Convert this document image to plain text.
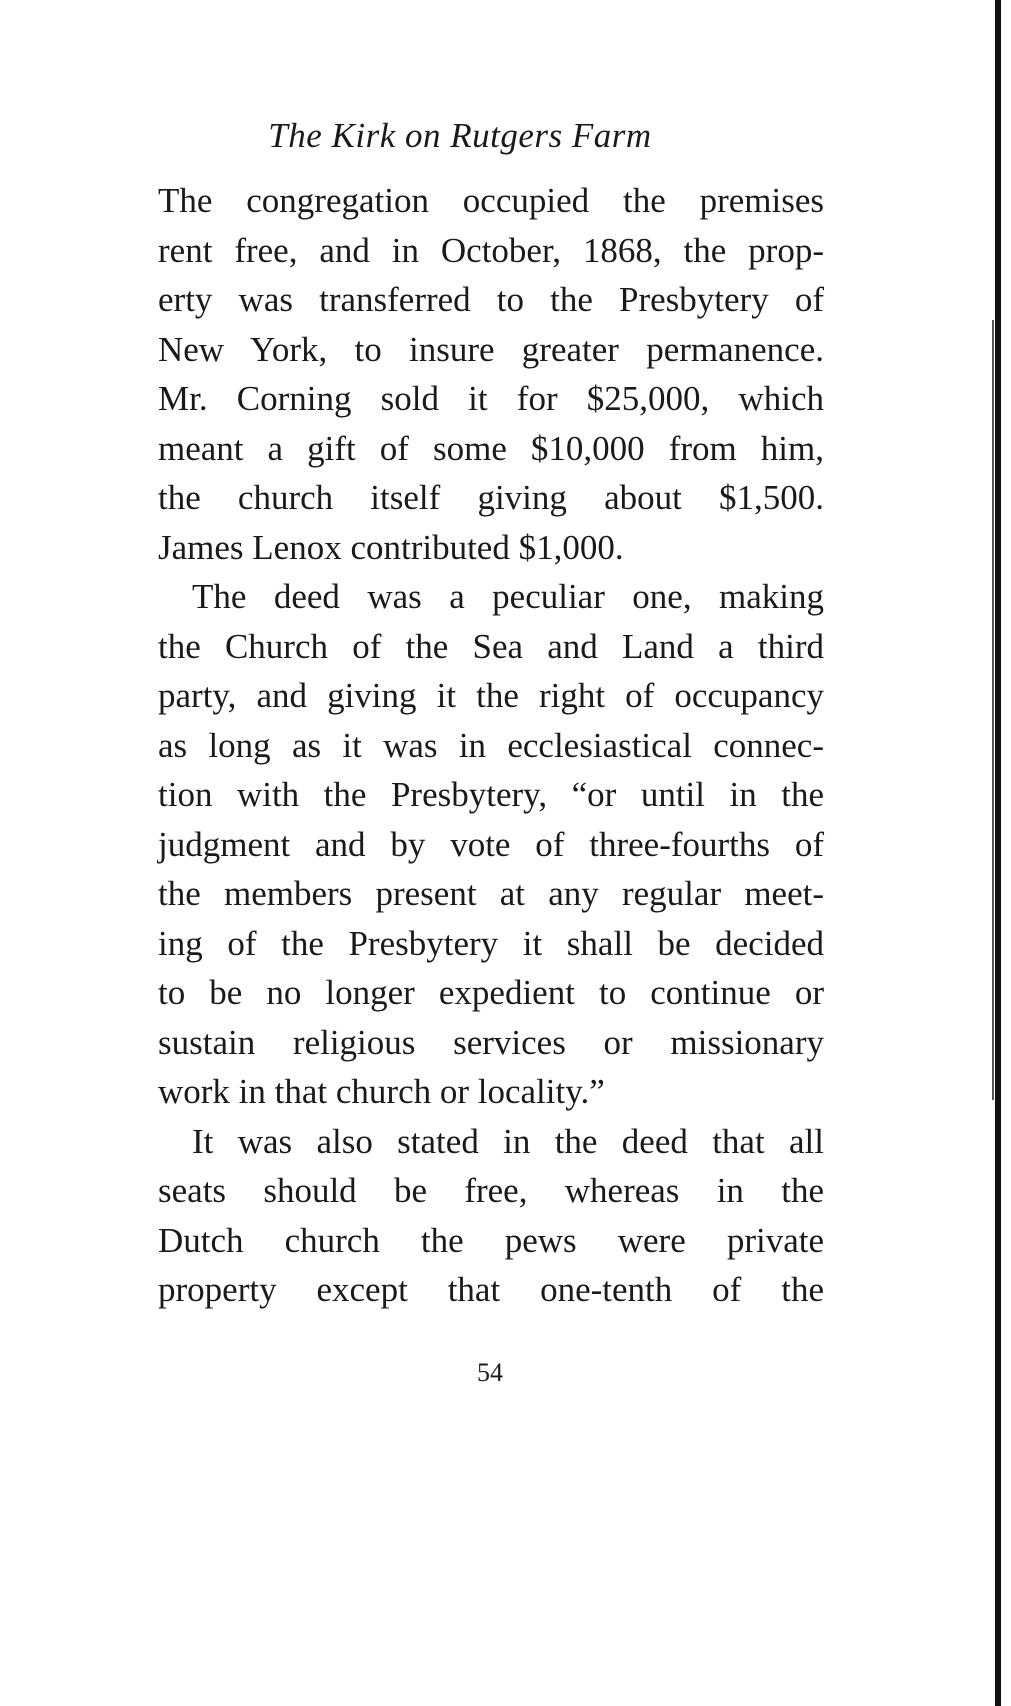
The Kirk on Rutgers Farm
The congregation occupied the premises
rent free, and in October, 1868, the prop-
erty was transferred to the Presbytery of
New York, to insure greater permanence.
Mr. Corning sold it for $25,000, which
meant a gift of some $10,000 from him,
the church itself giving about $1,500.
James Lenox contributed $1,000.
The deed was a peculiar one, making
the Church of the Sea and Land a third
party, and giving it the right of occupancy
as long as it was in ecclesiastical connec-
tion with the Presbytery, “or until in the
judgment and by vote of three-fourths of
the members present at any regular meet-
ing of the Presbytery it shall be decided
to be no longer expedient to continue or
sustain religious services or missionary
work in that church or locality.”
It was also stated in the deed that all
seats should be free, whereas in the
Dutch church the pews were private
property except that one-tenth of the
54
